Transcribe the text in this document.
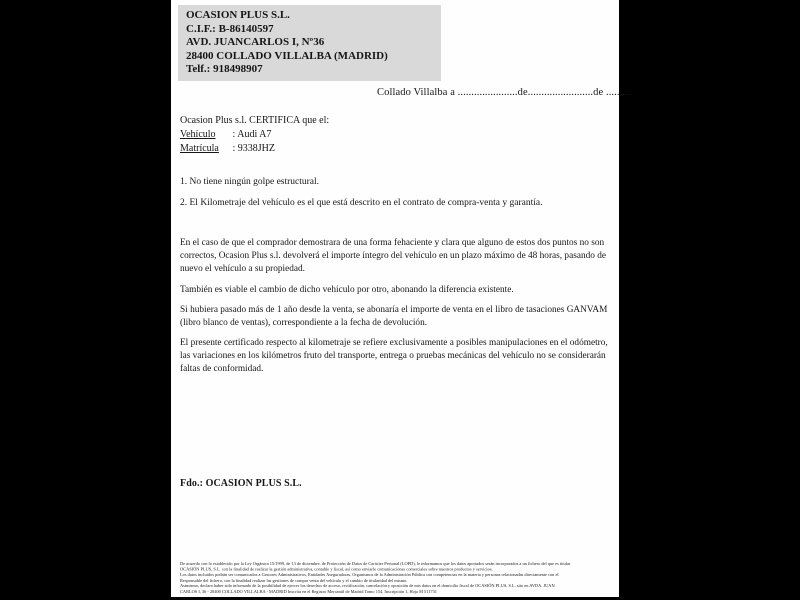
OCASION PLUS S.L.
C.I.F.: B-86140597
AVD. JUANCARLOS I, Nº36
28400 COLLADO VILLALBA (MADRID)
Telf.: 918498907
Collado Villalba a ......................de........................de ..........
Ocasion Plus s.l. CERTIFICA que el:
Vehículo : Audi A7
Matrícula : 9338JHZ
1. No tiene ningún golpe estructural.
2. El Kilometraje del vehículo es el que está descrito en el contrato de compra-venta y garantía.
En el caso de que el comprador demostrara de una forma fehaciente y clara que alguno de estos dos puntos no son correctos, Ocasion Plus s.l. devolverá el importe íntegro del vehículo en un plazo máximo de 48 horas, pasando de nuevo el vehículo a su propiedad.
También es viable el cambio de dicho vehículo por otro, abonando la diferencia existente.
Si hubiera pasado más de 1 año desde la venta, se abonaría el importe de venta en el libro de tasaciones GANVAM (libro blanco de ventas), correspondiente a la fecha de devolución.
El presente certificado respecto al kilometraje se refiere exclusivamente a posibles manipulaciones en el odómetro, las variaciones en los kilómetros fruto del transporte, entrega o pruebas mecánicas del vehículo no se considerarán faltas de conformidad.
Fdo.: OCASION PLUS S.L.
De acuerdo con lo establecido por la Ley Orgánica 15/1999, de 13 de diciembre, de Protección de Datos de Carácter Personal (LOPD), le informamos que los datos aportados serán incorporados a un fichero del que es titular
OCASIÓN PLUS, S.L. con la finalidad de realizar la gestión administrativa, contable y fiscal, así como enviarle comunicaciones comerciales sobre nuestros productos y servicios.
Los datos incluidos podrán ser comunicados a Gestores Administrativos, Entidades Aseguradoras, Organismos de la Administración Pública con competencias en la materia y personas relacionadas directamente con el
Responsable del fichero, con la finalidad realizar las gestiones de compra venta del vehículo y el cambio de titularidad del mismo.
Asimismo, declara haber sido informado de la posibilidad de ejercer los derechos de acceso, rectificación, cancelación y oposición de mis datos en el domicilio fiscal de OCASIÓN PLUS, S.L. sito en AVDA. JUAN
CARLOS I, 36 - 28400 COLLADO VILLALBA - MADRID Inscrita en el Registro Mercantil de Madrid Tomo 154, Inscripción 1, Hoja M 511731
